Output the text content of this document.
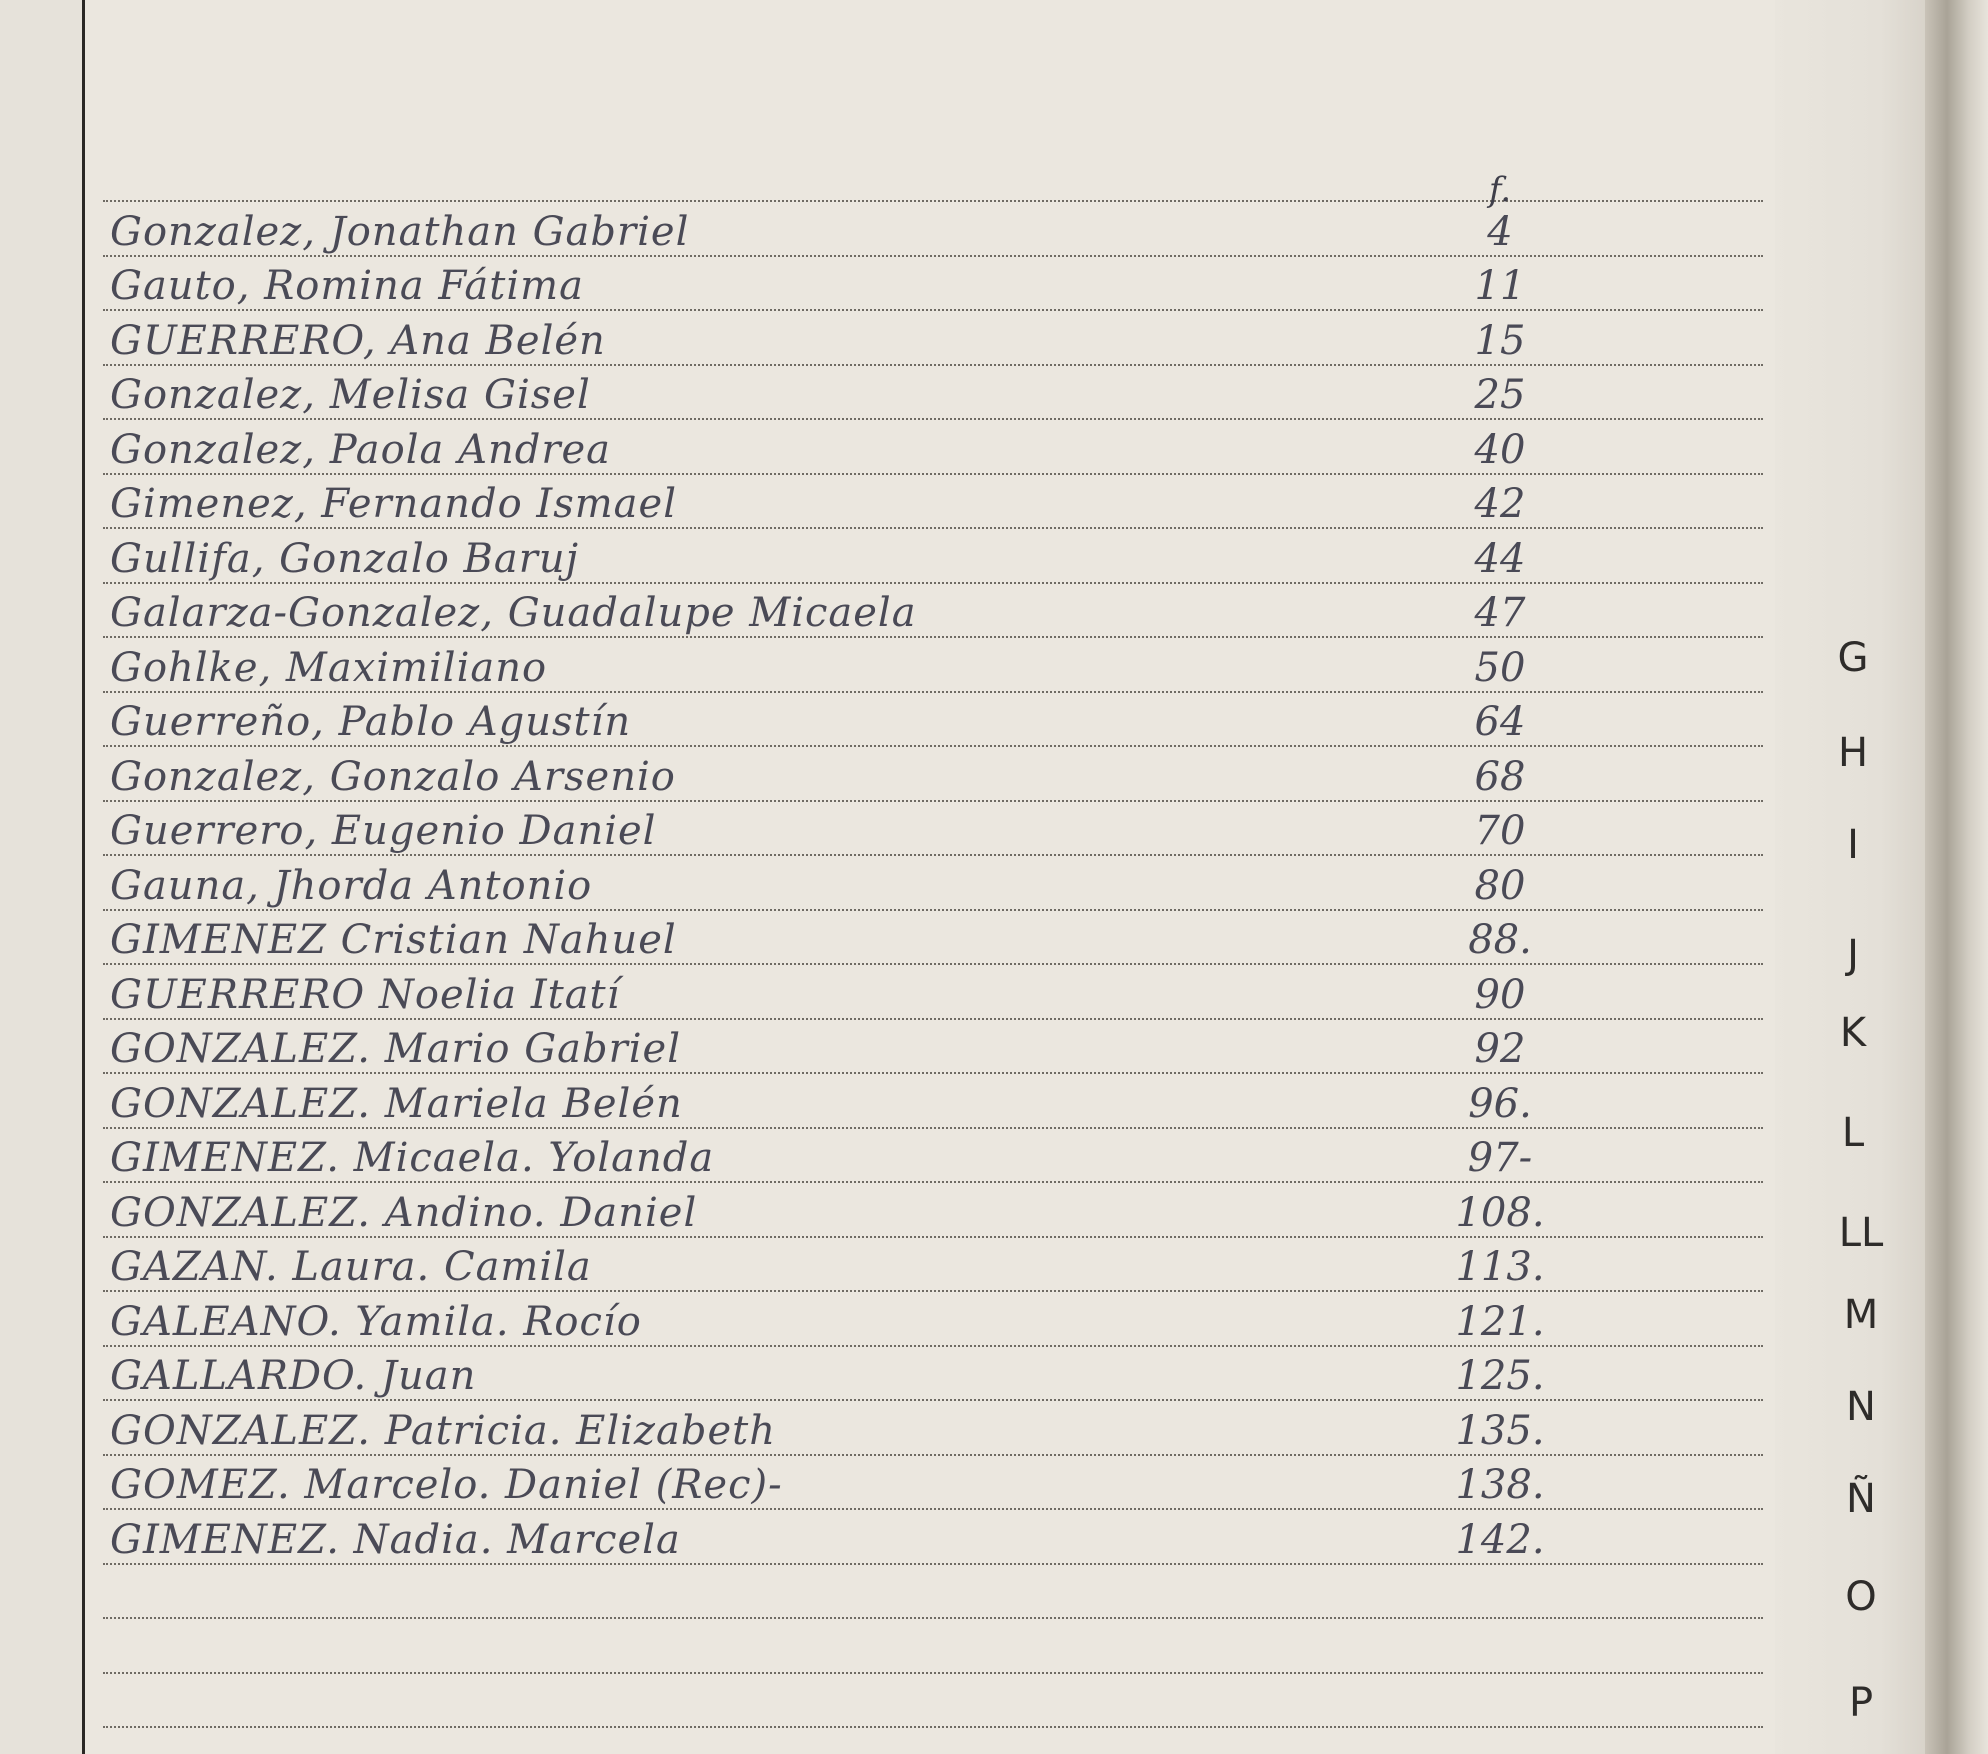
f.
Gonzalez, Jonathan Gabriel	4
Gauto, Romina Fátima	11
GUERRERO, Ana Belén	15
Gonzalez, Melisa Gisel	25
Gonzalez, Paola Andrea	40
Gimenez, Fernando Ismael	42
Gullifa, Gonzalo Baruj	44
Galarza-Gonzalez, Guadalupe Micaela	47
Gohlke, Maximiliano	50
Guerreño, Pablo Agustín	64
Gonzalez, Gonzalo Arsenio	68
Guerrero, Eugenio Daniel	70
Gauna, Jhorda Antonio	80
GIMENEZ Cristian Nahuel	88.
GUERRERO Noelia Itatí	90
GONZALEZ. Mario Gabriel	92
GONZALEZ. Mariela Belén	96.
GIMENEZ. Micaela. Yolanda	97-
GONZALEZ. Andino. Daniel	108.
GAZAN. Laura. Camila	113.
GALEANO. Yamila. Rocío	121.
GALLARDO. Juan	125.
GONZALEZ. Patricia. Elizabeth	135.
GOMEZ. Marcelo. Daniel (Rec)-	138.
GIMENEZ. Nadia. Marcela	142.
G
H
I
J
K
L
LL
M
N
Ñ
O
P
